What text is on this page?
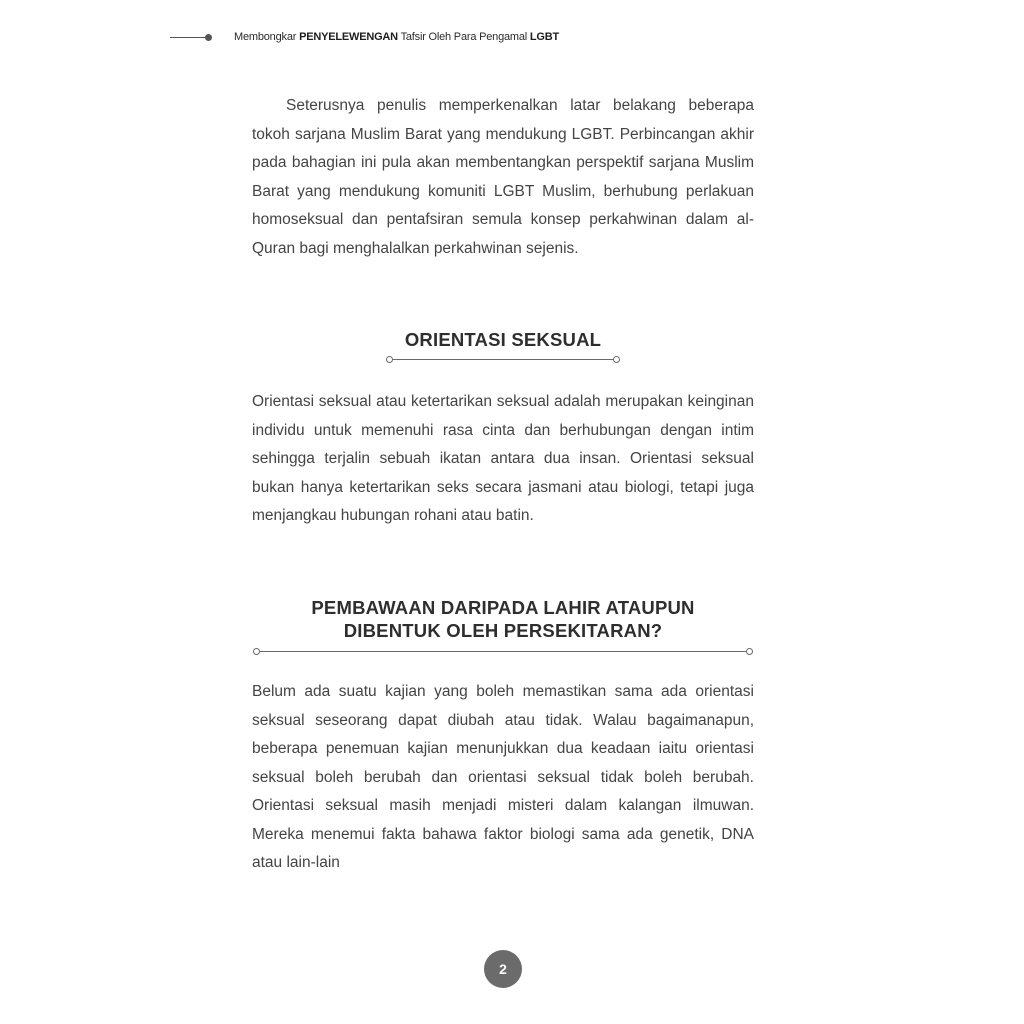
Membongkar PENYELEWENGAN Tafsir Oleh Para Pengamal LGBT

Seterusnya penulis memperkenalkan latar belakang beberapa tokoh sarjana Muslim Barat yang mendukung LGBT. Perbincangan akhir pada bahagian ini pula akan membentangkan perspektif sarjana Muslim Barat yang mendukung komuniti LGBT Muslim, berhubung perlakuan homoseksual dan pentafsiran semula konsep perkahwinan dalam al-Quran bagi menghalalkan perkahwinan sejenis.

ORIENTASI SEKSUAL

Orientasi seksual atau ketertarikan seksual adalah merupakan keinginan individu untuk memenuhi rasa cinta dan berhubungan dengan intim sehingga terjalin sebuah ikatan antara dua insan. Orientasi seksual bukan hanya ketertarikan seks secara jasmani atau biologi, tetapi juga menjangkau hubungan rohani atau batin.

PEMBAWAAN DARIPADA LAHIR ATAUPUN
DIBENTUK OLEH PERSEKITARAN?

Belum ada suatu kajian yang boleh memastikan sama ada orientasi seksual seseorang dapat diubah atau tidak. Walau bagaimanapun, beberapa penemuan kajian menunjukkan dua keadaan iaitu orientasi seksual boleh berubah dan orientasi seksual tidak boleh berubah. Orientasi seksual masih menjadi misteri dalam kalangan ilmuwan. Mereka menemui fakta bahawa faktor biologi sama ada genetik, DNA atau lain-lain

2
